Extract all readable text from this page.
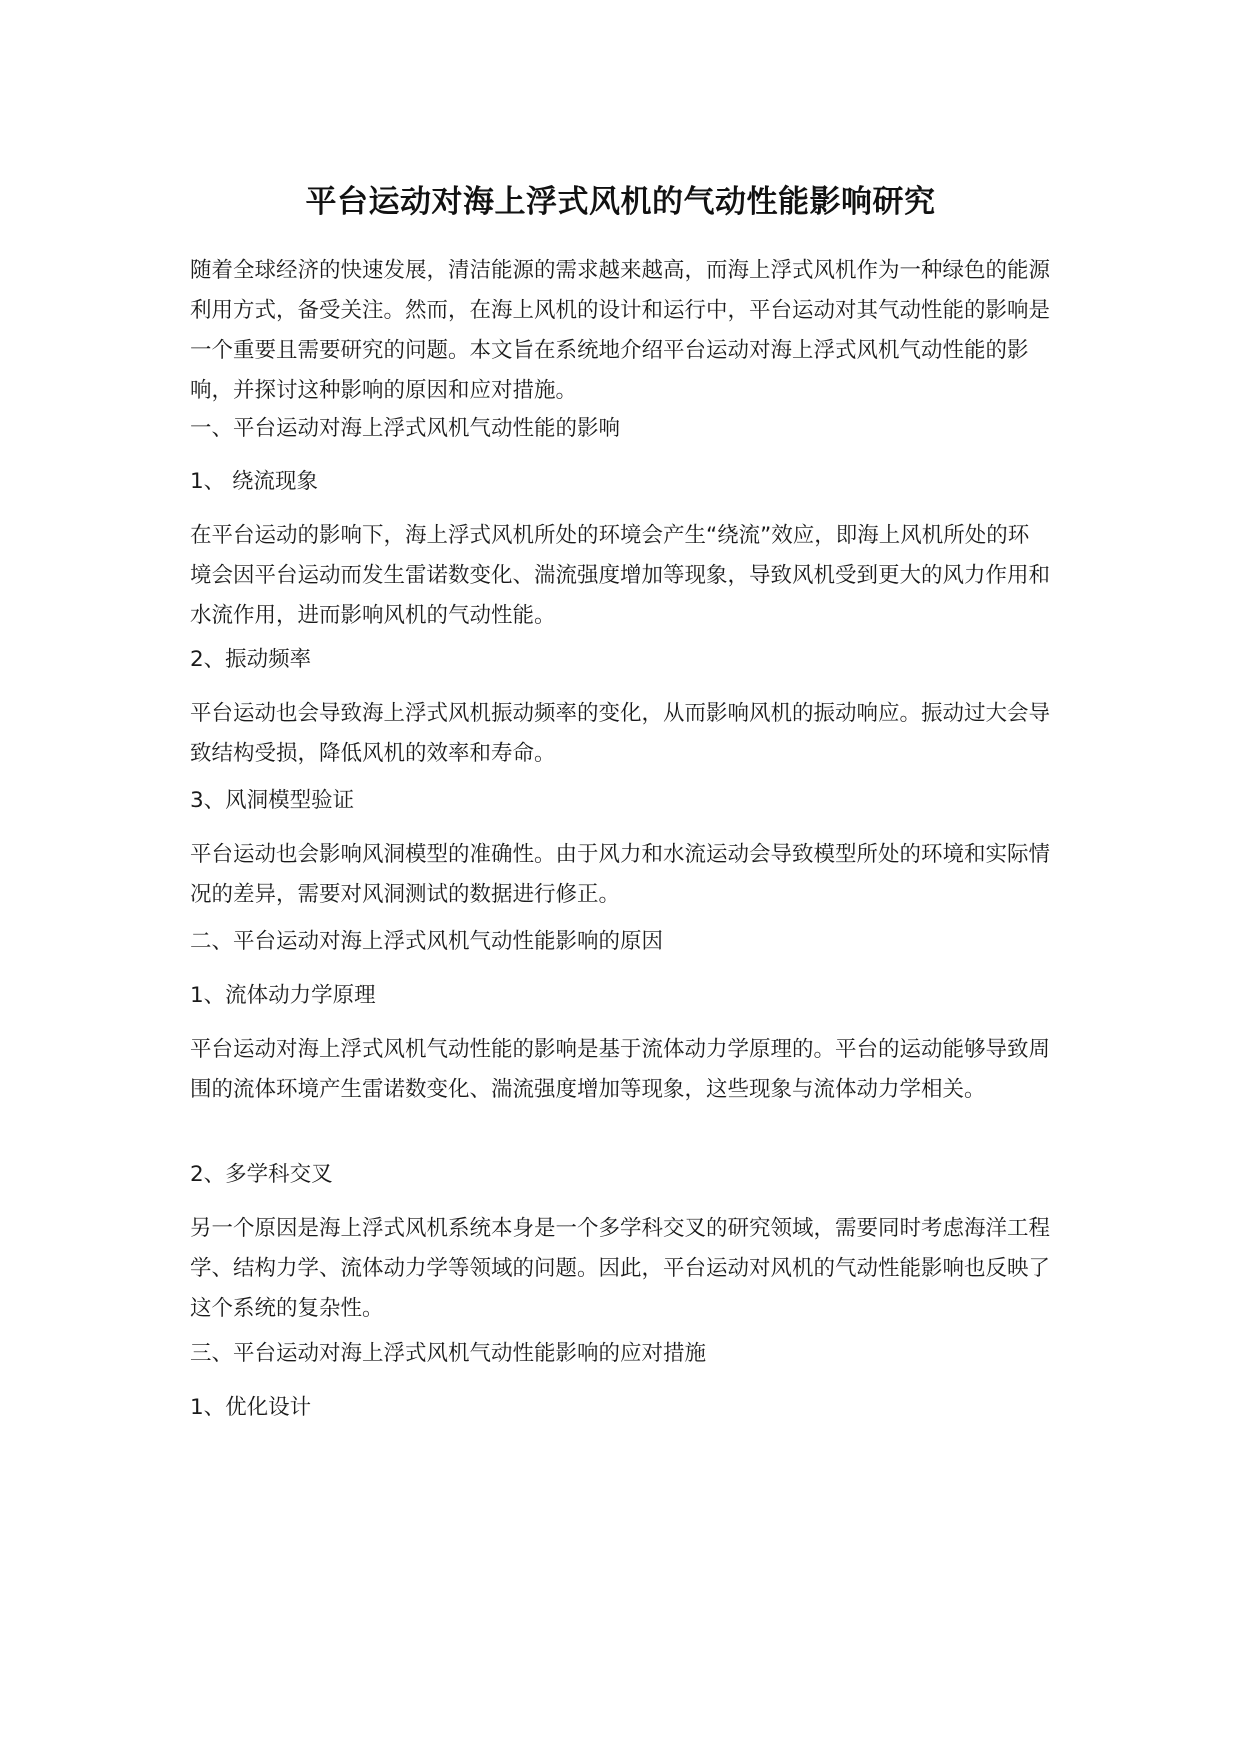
平台运动对海上浮式风机的气动性能影响研究
随着全球经济的快速发展，清洁能源的需求越来越高，而海上浮式风机作为一种绿色的能源利用方式，备受关注。然而，在海上风机的设计和运行中，平台运动对其气动性能的影响是一个重要且需要研究的问题。本文旨在系统地介绍平台运动对海上浮式风机气动性能的影响，并探讨这种影响的原因和应对措施。
一、平台运动对海上浮式风机气动性能的影响
1、 绕流现象
在平台运动的影响下，海上浮式风机所处的环境会产生“绕流”效应，即海上风机所处的环境会因平台运动而发生雷诺数变化、湍流强度增加等现象，导致风机受到更大的风力作用和水流作用，进而影响风机的气动性能。
2、振动频率
平台运动也会导致海上浮式风机振动频率的变化，从而影响风机的振动响应。振动过大会导致结构受损，降低风机的效率和寿命。
3、风洞模型验证
平台运动也会影响风洞模型的准确性。由于风力和水流运动会导致模型所处的环境和实际情况的差异，需要对风洞测试的数据进行修正。
二、平台运动对海上浮式风机气动性能影响的原因
1、流体动力学原理
平台运动对海上浮式风机气动性能的影响是基于流体动力学原理的。平台的运动能够导致周围的流体环境产生雷诺数变化、湍流强度增加等现象，这些现象与流体动力学相关。
2、多学科交叉
另一个原因是海上浮式风机系统本身是一个多学科交叉的研究领域，需要同时考虑海洋工程学、结构力学、流体动力学等领域的问题。因此，平台运动对风机的气动性能影响也反映了这个系统的复杂性。
三、平台运动对海上浮式风机气动性能影响的应对措施
1、优化设计
